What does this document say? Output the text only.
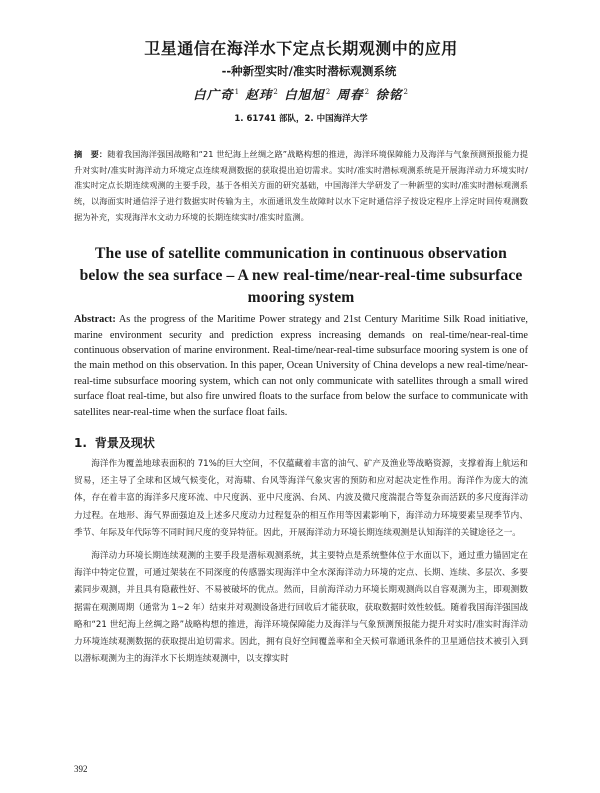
卫星通信在海洋水下定点长期观测中的应用

--种新型实时/准实时潜标观测系统

白广奇$^1$ 赵玮$^2$ 白旭旭$^2$ 周春$^2$ 徐铭$^2$

1. 61741 部队，2. 中国海洋大学

摘　要：随着我国海洋强国战略和“21 世纪海上丝绸之路”战略构想的推进，海洋环境保障能力及海洋与气象预测预报能力提升对实时/准实时海洋动力环境定点连续观测数据的获取提出迫切需求。实时/准实时潜标观测系统是开展海洋动力环境实时/准实时定点长期连续观测的主要手段，基于各相关方面的研究基础，中国海洋大学研发了一种新型的实时/准实时潜标观测系统，以海面实时通信浮子进行数据实时传输为主，水面通讯发生故障时以水下定时通信浮子按设定程序上浮定时回传观测数据为补充，实现海洋水文动力环境的长期连续实时/准实时监测。

The use of satellite communication in continuous observation below the sea surface – A new real-time/near-real-time subsurface mooring system

Abstract: As the progress of the Maritime Power strategy and 21st Century Maritime Silk Road initiative, marine environment security and prediction express increasing demands on real-time/near-real-time continuous observation of marine environment. Real-time/near-real-time subsurface mooring system is one of the main method on this observation. In this paper, Ocean University of China develops a new real-time/near-real-time subsurface mooring system, which can not only communicate with satellites through a small wired surface float real-time, but also fire unwired floats to the surface from below the surface to communicate with satellites near-real-time when the surface float fails.

1. 背景及现状

海洋作为覆盖地球表面积的 71%的巨大空间，不仅蕴藏着丰富的油气、矿产及渔业等战略资源，支撑着海上航运和贸易，还主导了全球和区域气候变化，对海啸、台风等海洋气象灾害的预防和应对起决定性作用。海洋作为庞大的流体，存在着丰富的海洋多尺度环流、中尺度涡、亚中尺度涡、台风、内波及微尺度湍混合等复杂而活跃的多尺度海洋动力过程。在地形、海气界面强迫及上述多尺度动力过程复杂的相互作用等因素影响下，海洋动力环境要素呈现季节内、季节、年际及年代际等不同时间尺度的变异特征。因此，开展海洋动力环境长期连续观测是认知海洋的关键途径之一。

海洋动力环境长期连续观测的主要手段是潜标观测系统，其主要特点是系统整体位于水面以下，通过重力锚固定在海洋中特定位置，可通过架装在不同深度的传感器实现海洋中全水深海洋动力环境的定点、长期、连续、多层次、多要素同步观测，并且具有隐蔽性好、不易被破坏的优点。然而，目前海洋动力环境长期观测尚以自容观测为主，即观测数据需在观测周期（通常为 1~2 年）结束并对观测设备进行回收后才能获取，获取数据时效性较低。随着我国海洋强国战略和“21 世纪海上丝绸之路”战略构想的推进，海洋环境保障能力及海洋与气象预测预报能力提升对实时/准实时海洋动力环境连续观测数据的获取提出迫切需求。因此，拥有良好空间覆盖率和全天候可靠通讯条件的卫星通信技术被引入到以潜标观测为主的海洋水下长期连续观测中，以支撑实时

392
